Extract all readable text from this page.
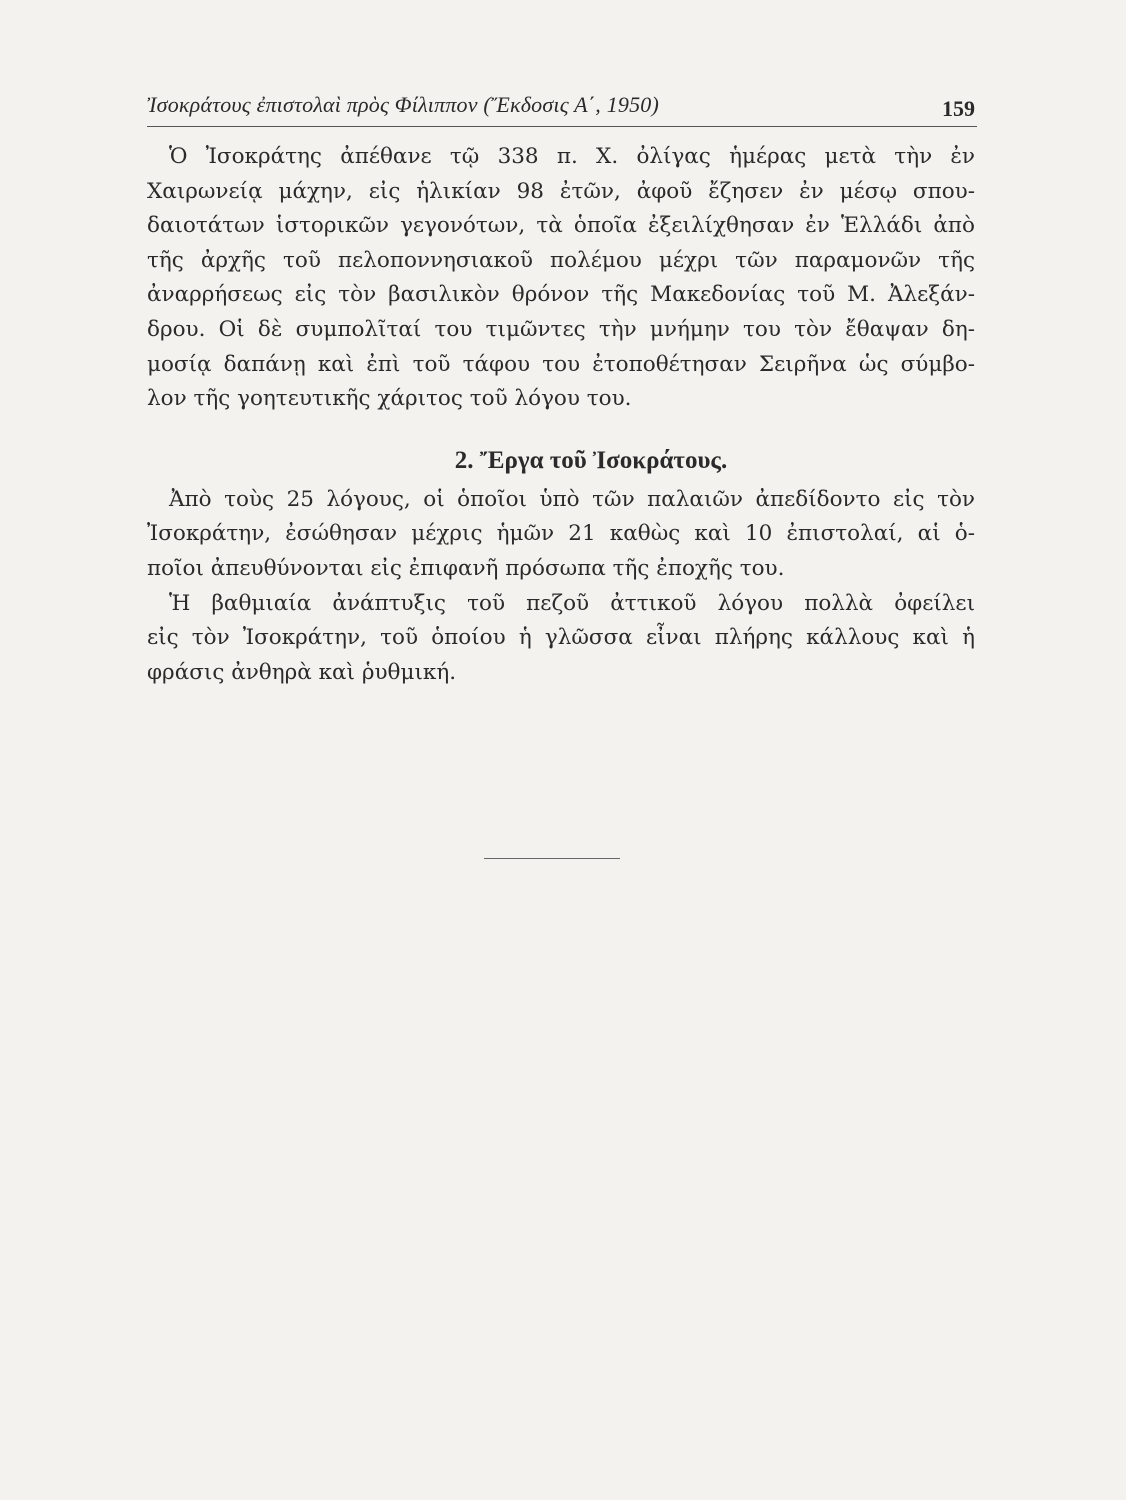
Ἰσοκράτους ἐπιστολαὶ πρὸς Φίλιππον (Ἔκδοσις Α΄, 1950)	159
Ὁ Ἰσοκράτης ἀπέθανε τῷ 338 π. Χ. ὀλίγας ἡμέρας μετὰ τὴν ἐν
Χαιρωνείᾳ μάχην, εἰς ἡλικίαν 98 ἐτῶν, ἀφοῦ ἔζησεν ἐν μέσῳ σπου-
δαιοτάτων ἱστορικῶν γεγονότων, τὰ ὁποῖα ἐξειλίχθησαν ἐν Ἑλλάδι ἀπὸ
τῆς ἀρχῆς τοῦ πελοποννησιακοῦ πολέμου μέχρι τῶν παραμονῶν τῆς
ἀναρρήσεως εἰς τὸν βασιλικὸν θρόνον τῆς Μακεδονίας τοῦ Μ. Ἀλεξάν-
δρου. Οἱ δὲ συμπολῖταί του τιμῶντες τὴν μνήμην του τὸν ἔθαψαν δη-
μοσίᾳ δαπάνῃ καὶ ἐπὶ τοῦ τάφου του ἐτοποθέτησαν Σειρῆνα ὡς σύμβο-
λον τῆς γοητευτικῆς χάριτος τοῦ λόγου του.
2. Ἔργα τοῦ Ἰσοκράτους.
Ἀπὸ τοὺς 25 λόγους, οἱ ὁποῖοι ὑπὸ τῶν παλαιῶν ἀπεδίδοντο εἰς τὸν
Ἰσοκράτην, ἐσώθησαν μέχρις ἡμῶν 21 καθὼς καὶ 10 ἐπιστολαί, αἱ ὁ-
ποῖοι ἀπευθύνονται εἰς ἐπιφανῆ πρόσωπα τῆς ἐποχῆς του.
Ἡ βαθμιαία ἀνάπτυξις τοῦ πεζοῦ ἀττικοῦ λόγου πολλὰ ὀφείλει
εἰς τὸν Ἰσοκράτην, τοῦ ὁποίου ἡ γλῶσσα εἶναι πλήρης κάλλους καὶ ἡ
φράσις ἀνθηρὰ καὶ ῥυθμική.
